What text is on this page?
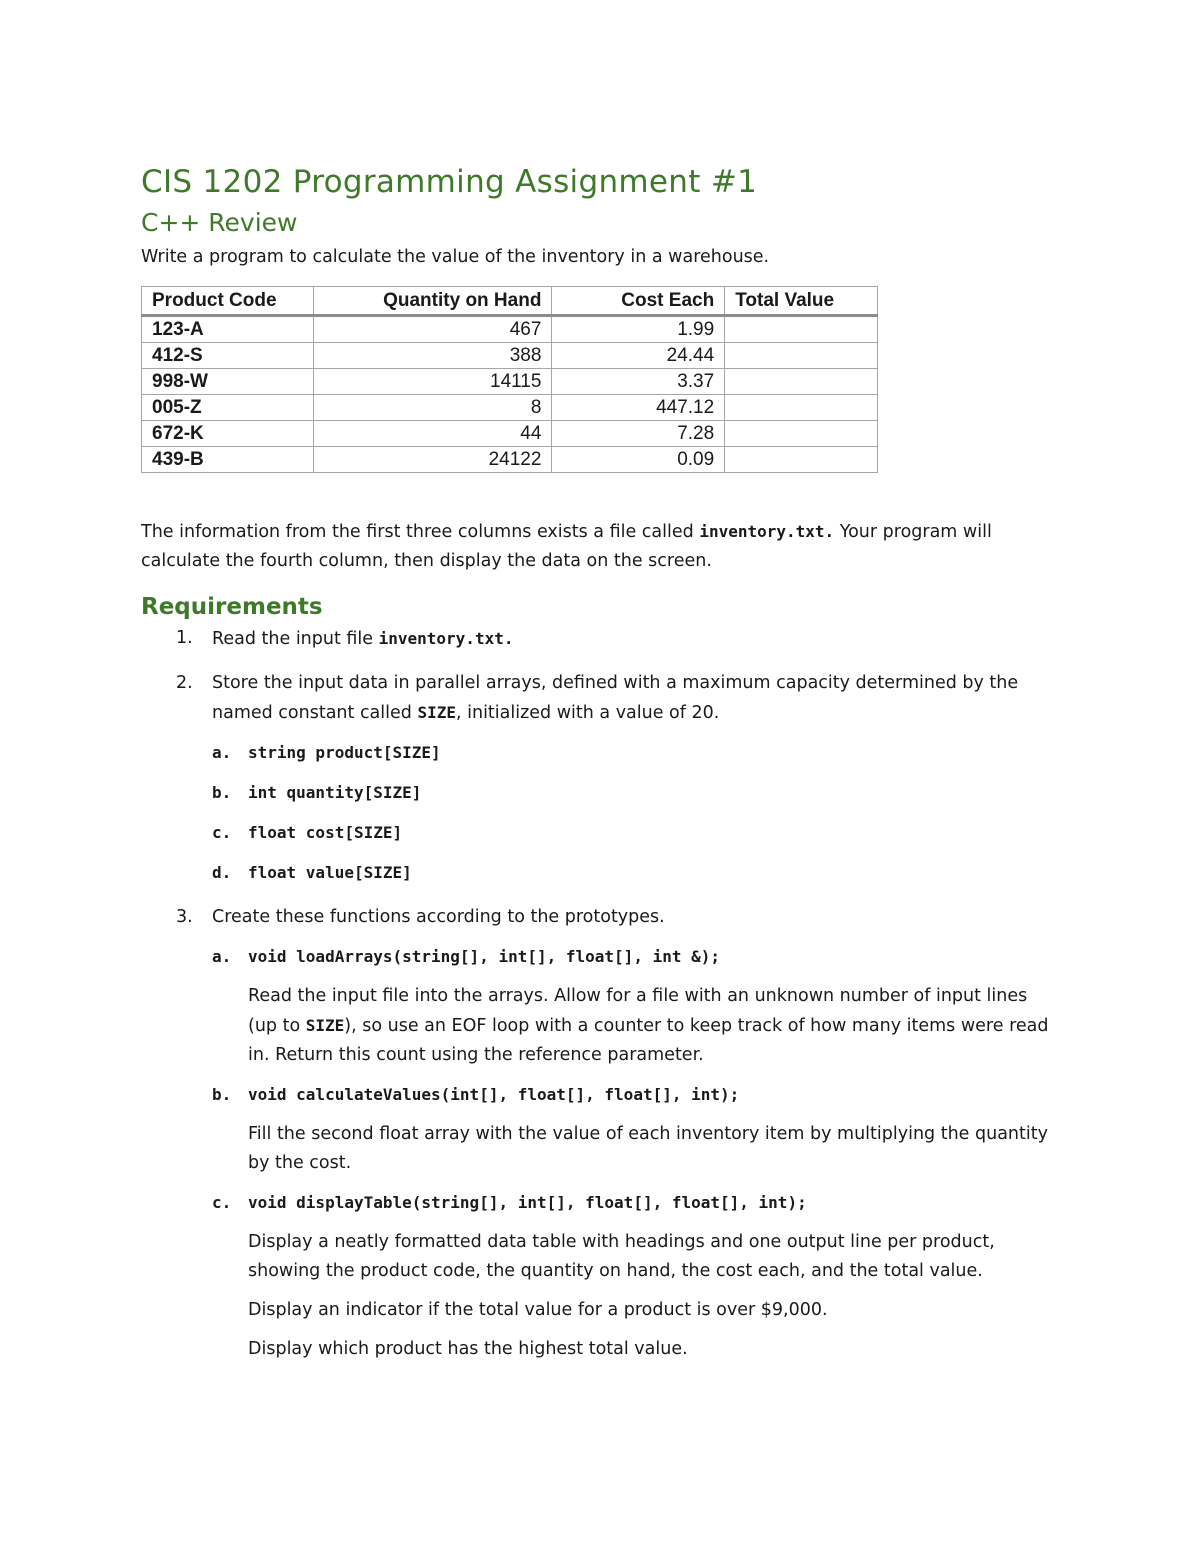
CIS 1202 Programming Assignment #1
C++ Review

Write a program to calculate the value of the inventory in a warehouse.

Product Code	Quantity on Hand	Cost Each	Total Value
123-A	467	1.99	
412-S	388	24.44	
998-W	14115	3.37	
005-Z	8	447.12	
672-K	44	7.28	
439-B	24122	0.09	

The information from the first three columns exists a file called inventory.txt. Your program will calculate the fourth column, then display the data on the screen.

Requirements
1. Read the input file inventory.txt.
2. Store the input data in parallel arrays, defined with a maximum capacity determined by the named constant called SIZE, initialized with a value of 20.
a. string product[SIZE]
b. int quantity[SIZE]
c. float cost[SIZE]
d. float value[SIZE]
3. Create these functions according to the prototypes.
a. void loadArrays(string[], int[], float[], int &);

Read the input file into the arrays. Allow for a file with an unknown number of input lines (up to SIZE), so use an EOF loop with a counter to keep track of how many items were read in. Return this count using the reference parameter.

b. void calculateValues(int[], float[], float[], int);

Fill the second float array with the value of each inventory item by multiplying the quantity by the cost.

c. void displayTable(string[], int[], float[], float[], int);

Display a neatly formatted data table with headings and one output line per product, showing the product code, the quantity on hand, the cost each, and the total value.

Display an indicator if the total value for a product is over $9,000.

Display which product has the highest total value.
